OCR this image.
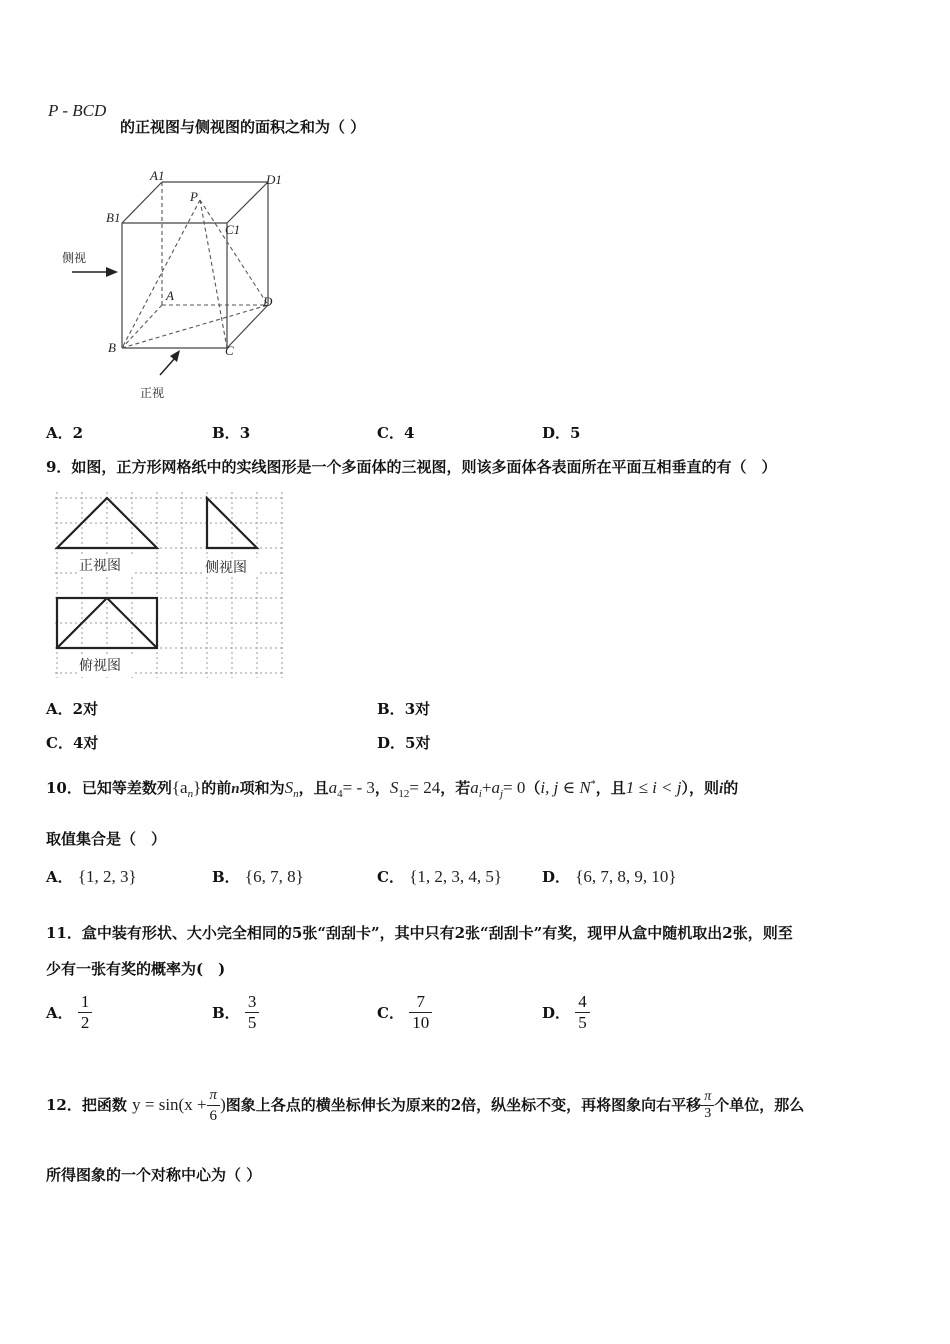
P - BCD
的正视图与侧视图的面积之和为（ ）
A1	D1
P
B1
C1
A	D
B	C
侧视
正视
A．2	B．3	C．4	D．5
9．如图，正方形网格纸中的实线图形是一个多面体的三视图，则该多面体各表面所在平面互相垂直的有（　）
正视图	侧视图
俯视图
A．2对	B．3对
C．4对	D．5对
10．已知等差数列$\{a_n\}$的前n项和为$S_n$，且$a_4= - 3$，$S_{12}= 24$，若$a_i+a_j= 0(i$, j ∈ N*，且1 ≤ i < j），则i的
取值集合是（　）
A． {1, 2, 3}	B． {6, 7, 8}	C． {1, 2, 3, 4, 5}	D． {6, 7, 8, 9, 10}
11．盒中装有形状、大小完全相同的5张“刮刮卡”，其中只有2张“刮刮卡”有奖，现甲从盒中随机取出2张，则至
少有一张有奖的概率为(　)
A． $\frac{1}{2}$	B． $\frac{3}{5}$	C． $\frac{7}{10}$	D． $\frac{4}{5}$
12．把函数 $y = \sin(x + \frac{\pi}{6}$ )图象上各点的横坐标伸长为原来的2倍，纵坐标不变，再将图象向右平移 $\frac{\pi}{3}$ 个单位，那么
所得图象的一个对称中心为（ ）
